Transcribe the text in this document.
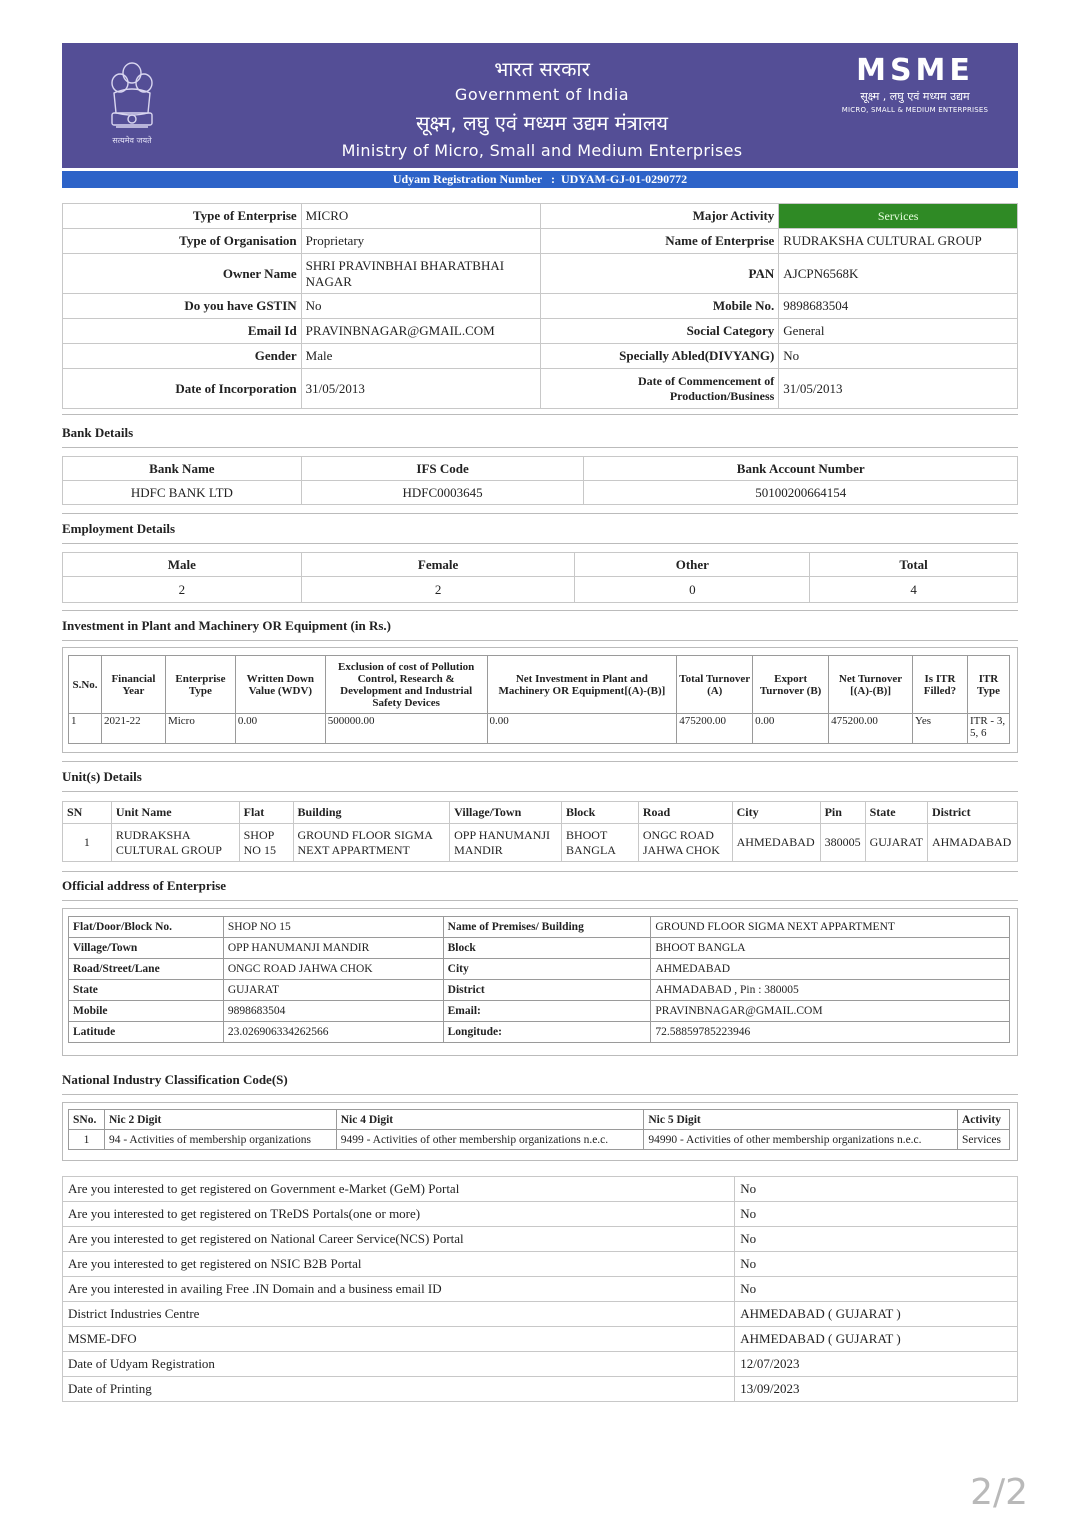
सत्यमेव जयते
भारत सरकार
Government of India
सूक्ष्म, लघु एवं मध्यम उद्यम मंत्रालय
Ministry of Micro, Small and Medium Enterprises
MSME
सूक्ष्म , लघु एवं मध्यम उद्यम
MICRO, SMALL & MEDIUM ENTERPRISES
Udyam Registration Number : UDYAM-GJ-01-0290772
Type of Enterprise	MICRO	Major Activity	Services
Type of Organisation	Proprietary	Name of Enterprise	RUDRAKSHA CULTURAL GROUP
Owner Name	SHRI PRAVINBHAI BHARATBHAI NAGAR	PAN	AJCPN6568K
Do you have GSTIN	No	Mobile No.	9898683504
Email Id	PRAVINBNAGAR@GMAIL.COM	Social Category	General
Gender	Male	Specially Abled(DIVYANG)	No
Date of Incorporation	31/05/2013	Date of Commencement of Production/Business	31/05/2013
Bank Details
Bank Name	IFS Code	Bank Account Number
HDFC BANK LTD	HDFC0003645	50100200664154
Employment Details
Male	Female	Other	Total
2	2	0	4
Investment in Plant and Machinery OR Equipment (in Rs.)
S.No.	Financial Year	Enterprise Type	Written Down Value (WDV)	Exclusion of cost of Pollution Control, Research & Development and Industrial Safety Devices	Net Investment in Plant and Machinery OR Equipment[(A)-(B)]	Total Turnover (A)	Export Turnover (B)	Net Turnover [(A)-(B)]	Is ITR Filled?	ITR Type
1	2021-22	Micro	0.00	500000.00	0.00	475200.00	0.00	475200.00	Yes	ITR - 3, 5, 6
Unit(s) Details
SN	Unit Name	Flat	Building	Village/Town	Block	Road	City	Pin	State	District
1	RUDRAKSHA CULTURAL GROUP	SHOP NO 15	GROUND FLOOR SIGMA NEXT APPARTMENT	OPP HANUMANJI MANDIR	BHOOT BANGLA	ONGC ROAD JAHWA CHOK	AHMEDABAD	380005	GUJARAT	AHMADABAD
Official address of Enterprise
Flat/Door/Block No.	SHOP NO 15	Name of Premises/ Building	GROUND FLOOR SIGMA NEXT APPARTMENT
Village/Town	OPP HANUMANJI MANDIR	Block	BHOOT BANGLA
Road/Street/Lane	ONGC ROAD JAHWA CHOK	City	AHMEDABAD
State	GUJARAT	District	AHMADABAD , Pin : 380005
Mobile	9898683504	Email:	PRAVINBNAGAR@GMAIL.COM
Latitude	23.026906334262566	Longitude:	72.58859785223946
National Industry Classification Code(S)
SNo.	Nic 2 Digit	Nic 4 Digit	Nic 5 Digit	Activity
1	94 - Activities of membership organizations	9499 - Activities of other membership organizations n.e.c.	94990 - Activities of other membership organizations n.e.c.	Services
Are you interested to get registered on Government e-Market (GeM) Portal	No
Are you interested to get registered on TReDS Portals(one or more)	No
Are you interested to get registered on National Career Service(NCS) Portal	No
Are you interested to get registered on NSIC B2B Portal	No
Are you interested in availing Free .IN Domain and a business email ID	No
District Industries Centre	AHMEDABAD ( GUJARAT )
MSME-DFO	AHMEDABAD ( GUJARAT )
Date of Udyam Registration	12/07/2023
Date of Printing	13/09/2023
2/2
